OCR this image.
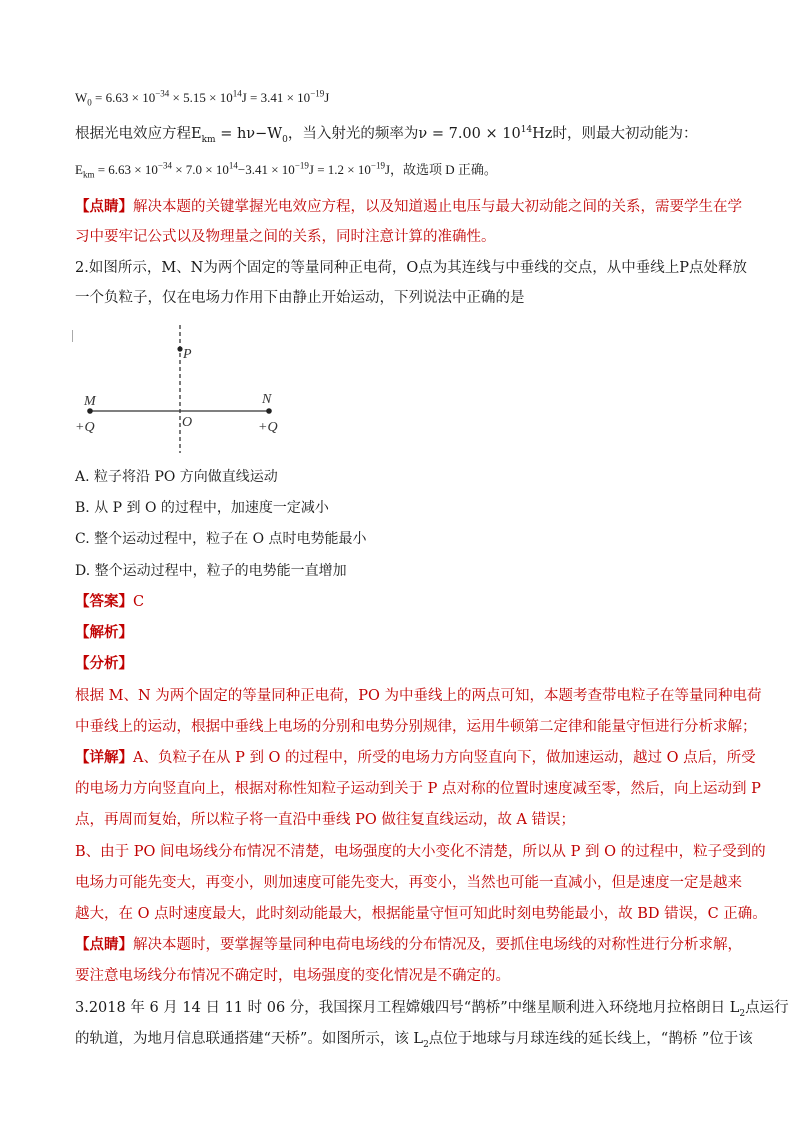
$W_0 = 6.63 \times 10^{-34} \times 5.15 \times 10^{14}J = 3.41 \times 10^{-19}J$
根据光电效应方程$E_{km} = h\nu-W_0$，当入射光的频率为$\nu = 7.00 \times 10^{14}Hz$时，则最大初动能为：
$E_{km} = 6.63 \times 10^{-34} \times 7.0 \times 10^{14}-3.41 \times 10^{-19}J = 1.2 \times 10^{-19}J$，故选项 D 正确。
【点睛】解决本题的关键掌握光电效应方程，以及知道遏止电压与最大初动能之间的关系，需要学生在学
习中要牢记公式以及物理量之间的关系，同时注意计算的准确性。
2.如图所示，M、N为两个固定的等量同种正电荷，O点为其连线与中垂线的交点，从中垂线上P点处释放
一个负粒子，仅在电场力作用下由静止开始运动，下列说法中正确的是
P
M	N
O
+Q	+Q
A. 粒子将沿 PO 方向做直线运动
B. 从 P 到 O 的过程中，加速度一定减小
C. 整个运动过程中，粒子在 O 点时电势能最小
D. 整个运动过程中，粒子的电势能一直增加
【答案】C
【解析】
【分析】
根据 M、N 为两个固定的等量同种正电荷，PO 为中垂线上的两点可知，本题考查带电粒子在等量同种电荷
中垂线上的运动，根据中垂线上电场的分别和电势分别规律，运用牛顿第二定律和能量守恒进行分析求解；
【详解】A、负粒子在从 P 到 O 的过程中，所受的电场力方向竖直向下，做加速运动，越过 O 点后，所受
的电场力方向竖直向上，根据对称性知粒子运动到关于 P 点对称的位置时速度减至零，然后，向上运动到 P
点，再周而复始，所以粒子将一直沿中垂线 PO 做往复直线运动，故 A 错误；
B、由于 PO 间电场线分布情况不清楚，电场强度的大小变化不清楚，所以从 P 到 O 的过程中，粒子受到的
电场力可能先变大，再变小，则加速度可能先变大，再变小，当然也可能一直减小，但是速度一定是越来
越大，在 O 点时速度最大，此时刻动能最大，根据能量守恒可知此时刻电势能最小，故 BD 错误，C 正确。
【点睛】解决本题时，要掌握等量同种电荷电场线的分布情况及，要抓住电场线的对称性进行分析求解，
要注意电场线分布情况不确定时，电场强度的变化情况是不确定的。
3.2018 年 6 月 14 日 11 时 06 分，我国探月工程嫦娥四号“鹊桥”中继星顺利进入环绕地月拉格朗日 $L_2$点运行
的轨道，为地月信息联通搭建“天桥”。如图所示，该 $L_2$点位于地球与月球连线的延长线上，“鹊桥 ”位于该
